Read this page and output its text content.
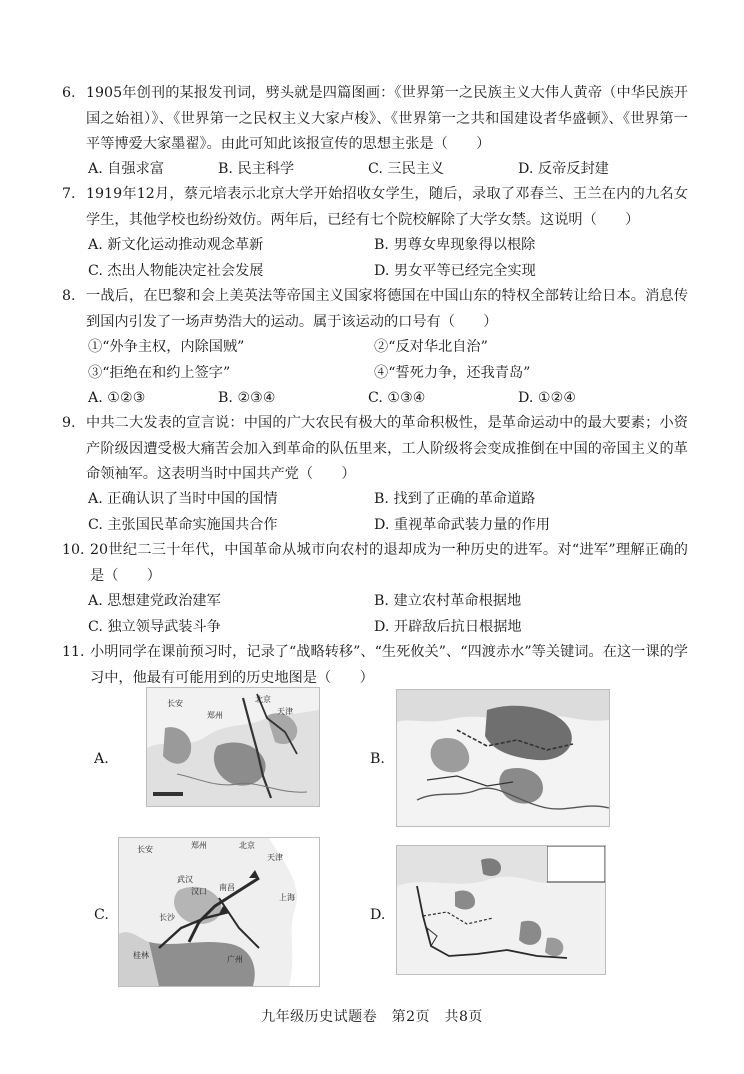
6. 1905年创刊的某报发刊词，劈头就是四篇图画：《世界第一之民族主义大伟人黄帝（中华民族开国之始祖）》、《世界第一之民权主义大家卢梭》、《世界第一之共和国建设者华盛顿》、《世界第一平等博爱大家墨翟》。由此可知此该报宣传的思想主张是（　　）
A. 自强求富	B. 民主科学	C. 三民主义	D. 反帝反封建
7. 1919年12月，蔡元培表示北京大学开始招收女学生，随后，录取了邓春兰、王兰在内的九名女学生，其他学校也纷纷效仿。两年后，已经有七个院校解除了大学女禁。这说明（　　）
A. 新文化运动推动观念革新	B. 男尊女卑现象得以根除
C. 杰出人物能决定社会发展	D. 男女平等已经完全实现
8. 一战后，在巴黎和会上美英法等帝国主义国家将德国在中国山东的特权全部转让给日本。消息传到国内引发了一场声势浩大的运动。属于该运动的口号有（　　）
①“外争主权，内除国贼”	②“反对华北自治”
③“拒绝在和约上签字”	④“誓死力争，还我青岛”
A. ①②③	B. ②③④	C. ①③④	D. ①②④
9. 中共二大发表的宣言说：中国的广大农民有极大的革命积极性，是革命运动中的最大要素；小资产阶级因遭受极大痛苦会加入到革命的队伍里来，工人阶级将会变成推倒在中国的帝国主义的革命领袖军。这表明当时中国共产党（　　）
A. 正确认识了当时中国的国情	B. 找到了正确的革命道路
C. 主张国民革命实施国共合作	D. 重视革命武装力量的作用
10. 20世纪二三十年代，中国革命从城市向农村的退却成为一种历史的进军。对“进军”理解正确的是（　　）
A. 思想建党政治建军	B. 建立农村革命根据地
C. 独立领导武装斗争	D. 开辟敌后抗日根据地
11. 小明同学在课前预习时，记录了“战略转移”、“生死攸关”、“四渡赤水”等关键词。在这一课的学习中，他最有可能用到的历史地图是（　　）
A.
长安
郑州
北京
天津
B.
C.
长安	郑州	北京
天津
武汉
汉口 南昌
长沙
上海
广州
桂林
D.
九年级历史试题卷　第2页　共8页
